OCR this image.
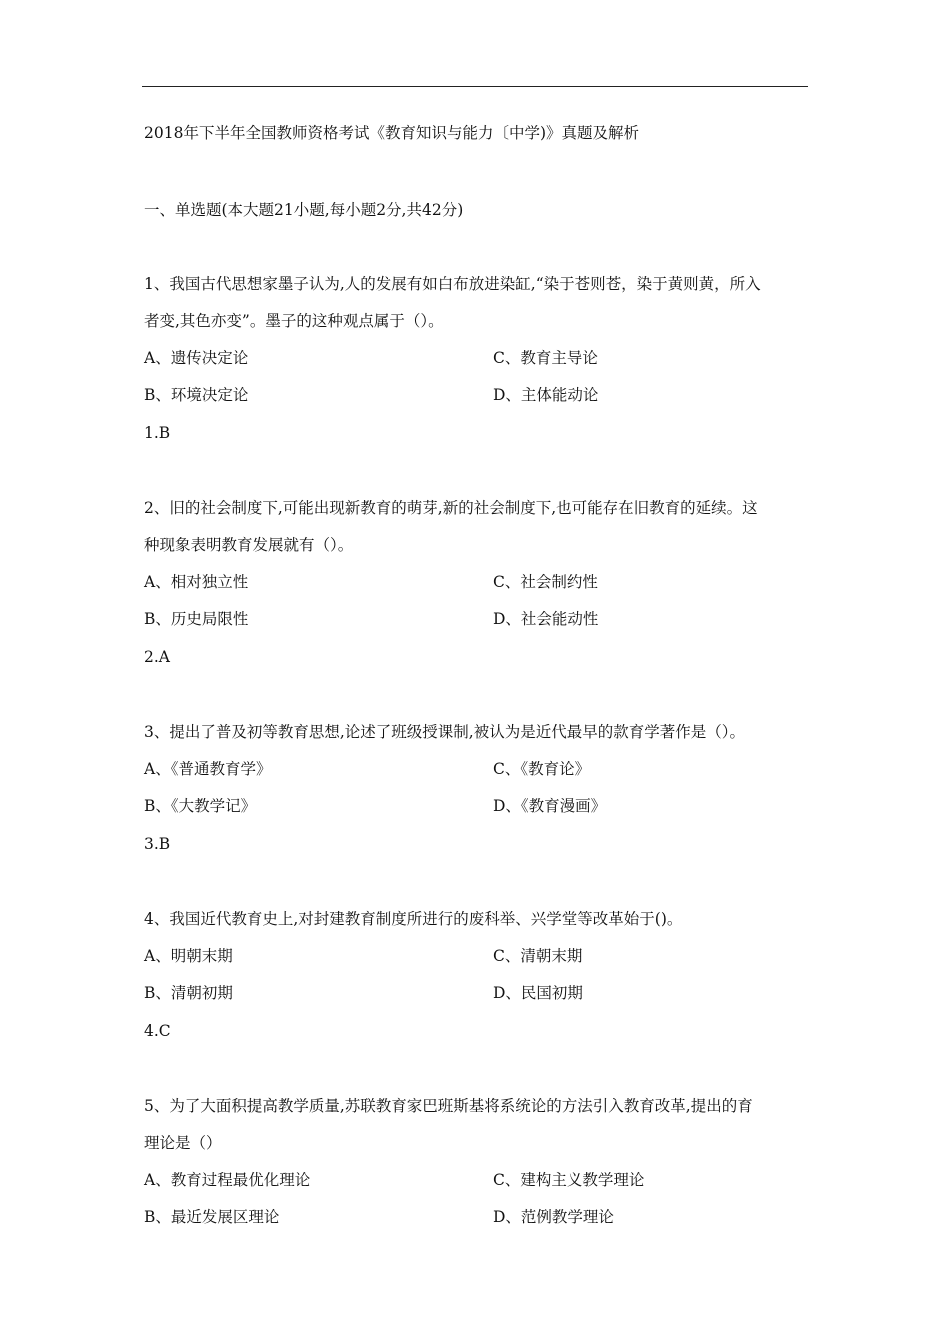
2018年下半年全国教师资格考试《教育知识与能力〔中学)》真题及解析
一、单选题(本大题21小题,每小题2分,共42分)
1、我国古代思想家墨子认为,人的发展有如白布放进染缸,“染于苍则苍，染于黄则黄，所入
者变,其色亦变”。墨子的这种观点属于（）。
A、遗传决定论	C、教育主导论
B、环境决定论	D、主体能动论
1.B
2、旧的社会制度下,可能出现新教育的萌芽,新的社会制度下,也可能存在旧教育的延续。这
种现象表明教育发展就有（）。
A、相对独立性	C、社会制约性
B、历史局限性	D、社会能动性
2.A
3、提出了普及初等教育思想,论述了班级授课制,被认为是近代最早的款育学著作是（）。
A、《普通教育学》	C、《教育论》
B、《大教学记》	D、《教育漫画》
3.B
4、我国近代教育史上,对封建教育制度所进行的废科举、兴学堂等改革始于()。
A、明朝末期	C、清朝末期
B、清朝初期	D、民国初期
4.C
5、为了大面积提高教学质量,苏联教育家巴班斯基将系统论的方法引入教育改革,提出的育
理论是（）
A、教育过程最优化理论	C、建构主义教学理论
B、最近发展区理论	D、范例教学理论
